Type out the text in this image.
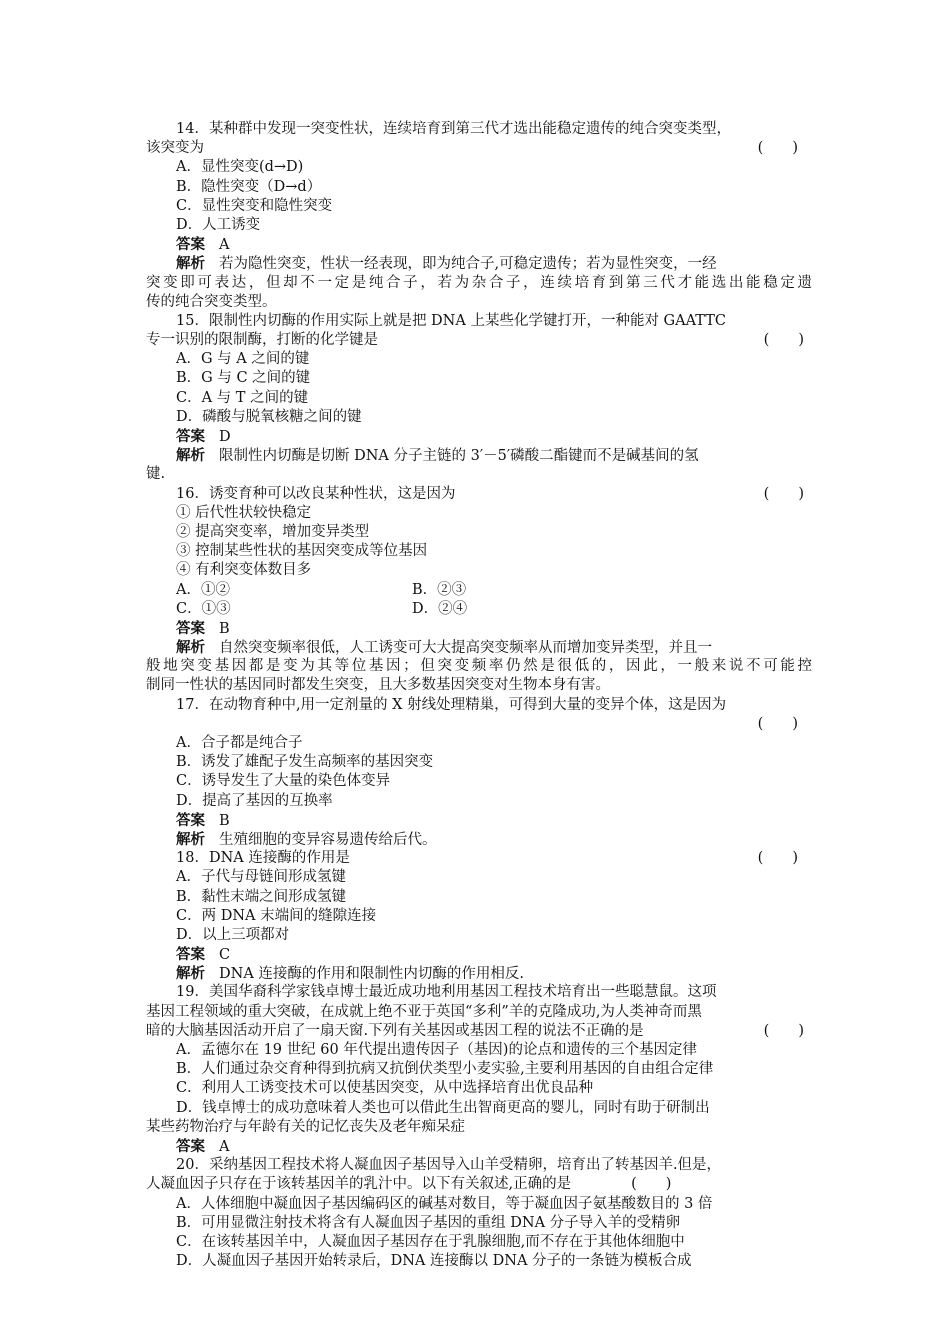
14．某种群中发现一突变性状，连续培育到第三代才选出能稳定遗传的纯合突变类型，
该突变为	(　　)
A．显性突变(d→D)
B．隐性突变（D→d）
C．显性突变和隐性突变
D．人工诱变
答案 A
解析 若为隐性突变，性状一经表现，即为纯合子,可稳定遗传；若为显性突变，一经
突变即可表达，但却不一定是纯合子，若为杂合子，连续培育到第三代才能选出能稳定遗
传的纯合突变类型。
15．限制性内切酶的作用实际上就是把 DNA 上某些化学键打开，一种能对 GAATTC
专一识别的限制酶，打断的化学键是	(　　)
A．G 与 A 之间的键
B．G 与 C 之间的键
C．A 与 T 之间的键
D．磷酸与脱氧核糖之间的键
答案 D
解析 限制性内切酶是切断 DNA 分子主链的 3′－5′磷酸二酯键而不是碱基间的氢
键.
16．诱变育种可以改良某种性状，这是因为	(　　)
① 后代性状较快稳定
② 提高突变率，增加变异类型
③ 控制某些性状的基因突变成等位基因
④ 有利突变体数目多
A．①②	B．②③
C．①③	D．②④
答案 B
解析 自然突变频率很低，人工诱变可大大提高突变频率从而增加变异类型，并且一
般地突变基因都是变为其等位基因；但突变频率仍然是很低的，因此，一般来说不可能控
制同一性状的基因同时都发生突变，且大多数基因突变对生物本身有害。
17．在动物育种中,用一定剂量的 X 射线处理精巢，可得到大量的变异个体，这是因为
(　　)
A．合子都是纯合子
B．诱发了雄配子发生高频率的基因突变
C．诱导发生了大量的染色体变异
D．提高了基因的互换率
答案 B
解析 生殖细胞的变异容易遗传给后代。
18．DNA 连接酶的作用是	(　　)
A．子代与母链间形成氢键
B．黏性末端之间形成氢键
C．两 DNA 末端间的缝隙连接
D．以上三项都对
答案 C
解析 DNA 连接酶的作用和限制性内切酶的作用相反.
19．美国华裔科学家钱卓博士最近成功地利用基因工程技术培育出一些聪慧鼠。这项
基因工程领域的重大突破，在成就上绝不亚于英国“多利”羊的克隆成功,为人类神奇而黑
暗的大脑基因活动开启了一扇天窗.下列有关基因或基因工程的说法不正确的是	(　　)
A．孟德尔在 19 世纪 60 年代提出遗传因子（基因)的论点和遗传的三个基因定律
B．人们通过杂交育种得到抗病又抗倒伏类型小麦实验,主要利用基因的自由组合定律
C．利用人工诱变技术可以使基因突变，从中选择培育出优良品种
D．钱卓博士的成功意味着人类也可以借此生出智商更高的婴儿，同时有助于研制出
某些药物治疗与年龄有关的记忆丧失及老年痴呆症
答案 A
20．采纳基因工程技术将人凝血因子基因导入山羊受精卵，培育出了转基因羊.但是，
人凝血因子只存在于该转基因羊的乳汁中。以下有关叙述,正确的是	(　　)
A．人体细胞中凝血因子基因编码区的碱基对数目，等于凝血因子氨基酸数目的 3 倍
B．可用显微注射技术将含有人凝血因子基因的重组 DNA 分子导入羊的受精卵
C．在该转基因羊中，人凝血因子基因存在于乳腺细胞,而不存在于其他体细胞中
D．人凝血因子基因开始转录后，DNA 连接酶以 DNA 分子的一条链为模板合成
